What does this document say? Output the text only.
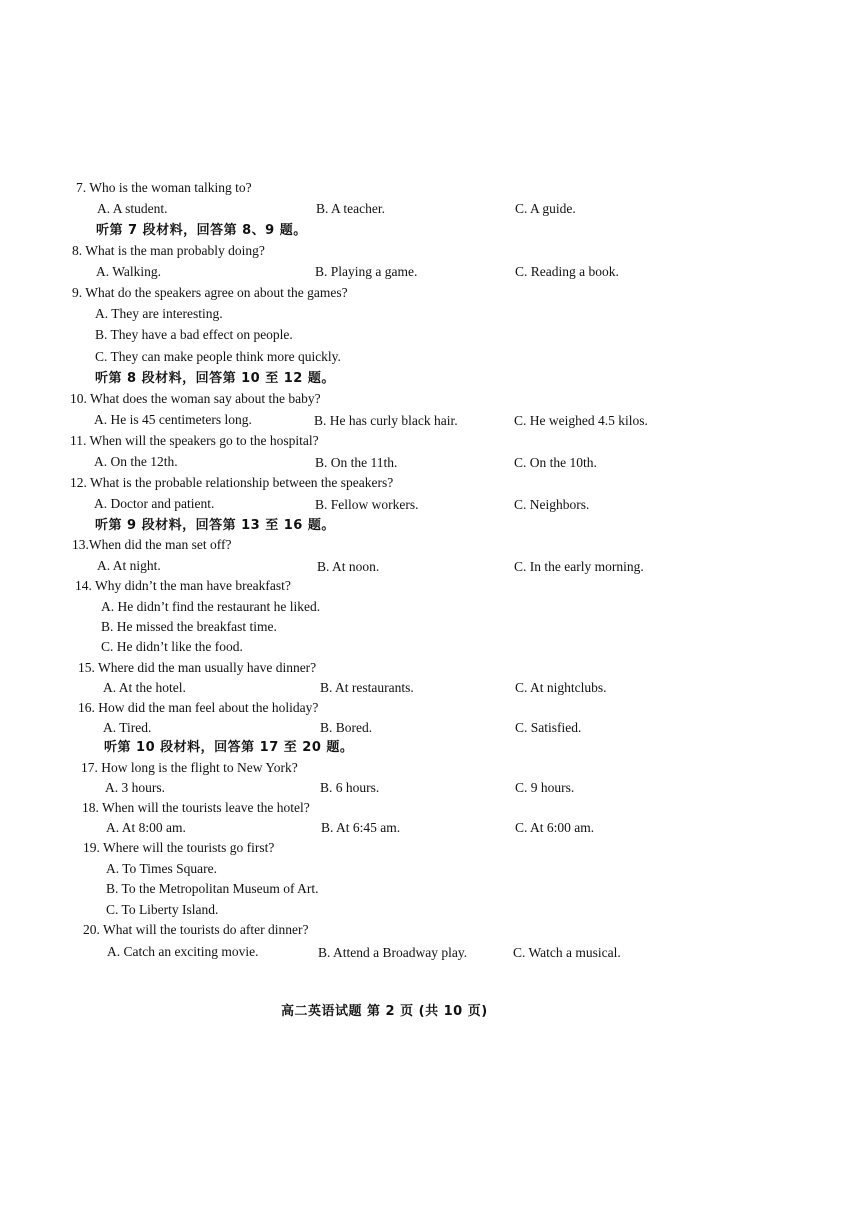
7. Who is the woman talking to?
A. A student.	B. A teacher.	C. A guide.
听第 7 段材料，回答第 8、9 题。
8. What is the man probably doing?
A. Walking.	B. Playing a game.	C. Reading a book.
9. What do the speakers agree on about the games?
A. They are interesting.
B. They have a bad effect on people.
C. They can make people think more quickly.
听第 8 段材料，回答第 10 至 12 题。
10. What does the woman say about the baby?
A. He is 45 centimeters long.	B. He has curly black hair.	C. He weighed 4.5 kilos.
11. When will the speakers go to the hospital?
A. On the 12th.	B. On the 11th.	C. On the 10th.
12. What is the probable relationship between the speakers?
A. Doctor and patient.	B. Fellow workers.	C. Neighbors.
听第 9 段材料，回答第 13 至 16 题。
13.When did the man set off?
A. At night.	B. At noon.	C. In the early morning.
14. Why didn’t the man have breakfast?
A. He didn’t find the restaurant he liked.
B. He missed the breakfast time.
C. He didn’t like the food.
15. Where did the man usually have dinner?
A. At the hotel.	B. At restaurants.	C. At nightclubs.
16. How did the man feel about the holiday?
A. Tired.	B. Bored.	C. Satisfied.
听第 10 段材料，回答第 17 至 20 题。
17. How long is the flight to New York?
A. 3 hours.	B. 6 hours.	C. 9 hours.
18. When will the tourists leave the hotel?
A. At 8:00 am.	B. At 6:45 am.	C. At 6:00 am.
19. Where will the tourists go first?
A. To Times Square.
B. To the Metropolitan Museum of Art.
C. To Liberty Island.
20. What will the tourists do after dinner?
A. Catch an exciting movie.	B. Attend a Broadway play.	C. Watch a musical.
高二英语试题 第 2 页 (共 10 页)
